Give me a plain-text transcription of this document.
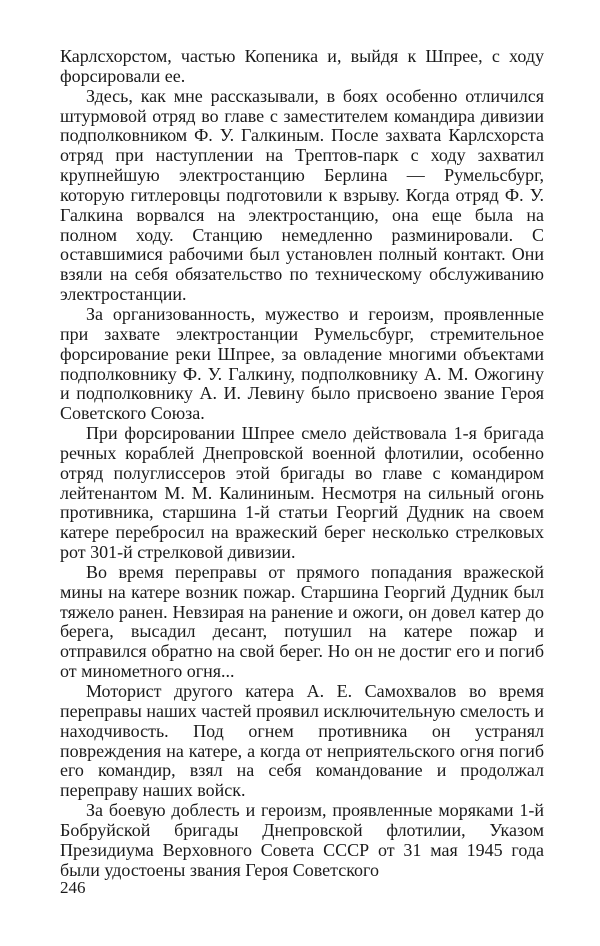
Карлсхорстом, частью Копеника и, выйдя к Шпрее, с ходу форсировали ее.

Здесь, как мне рассказывали, в боях особенно отличился штурмовой отряд во главе с заместителем командира дивизии подполковником Ф. У. Галкиным. После захвата Карлсхорста отряд при наступлении на Трептов-парк с ходу захватил крупнейшую электростанцию Берлина — Румельсбург, которую гитлеровцы подготовили к взрыву. Когда отряд Ф. У. Галкина ворвался на электростанцию, она еще была на полном ходу. Станцию немедленно разминировали. С оставшимися рабочими был установлен полный контакт. Они взяли на себя обязательство по техническому обслуживанию электростанции.

За организованность, мужество и героизм, проявленные при захвате электростанции Румельсбург, стремительное форсирование реки Шпрее, за овладение многими объектами подполковнику Ф. У. Галкину, подполковнику А. М. Ожогину и подполковнику А. И. Левину было присвоено звание Героя Советского Союза.

При форсировании Шпрее смело действовала 1-я бригада речных кораблей Днепровской военной флотилии, особенно отряд полуглиссеров этой бригады во главе с командиром лейтенантом М. М. Калининым. Несмотря на сильный огонь противника, старшина 1-й статьи Георгий Дудник на своем катере перебросил на вражеский берег несколько стрелковых рот 301-й стрелковой дивизии.

Во время переправы от прямого попадания вражеской мины на катере возник пожар. Старшина Георгий Дудник был тяжело ранен. Невзирая на ранение и ожоги, он довел катер до берега, высадил десант, потушил на катере пожар и отправился обратно на свой берег. Но он не достиг его и погиб от минометного огня...

Моторист другого катера А. Е. Самохвалов во время переправы наших частей проявил исключительную смелость и находчивость. Под огнем противника он устранял повреждения на катере, а когда от неприятельского огня погиб его командир, взял на себя командование и продолжал переправу наших войск.

За боевую доблесть и героизм, проявленные моряками 1-й Бобруйской бригады Днепровской флотилии, Указом Президиума Верховного Совета СССР от 31 мая 1945 года были удостоены звания Героя Советского

246
